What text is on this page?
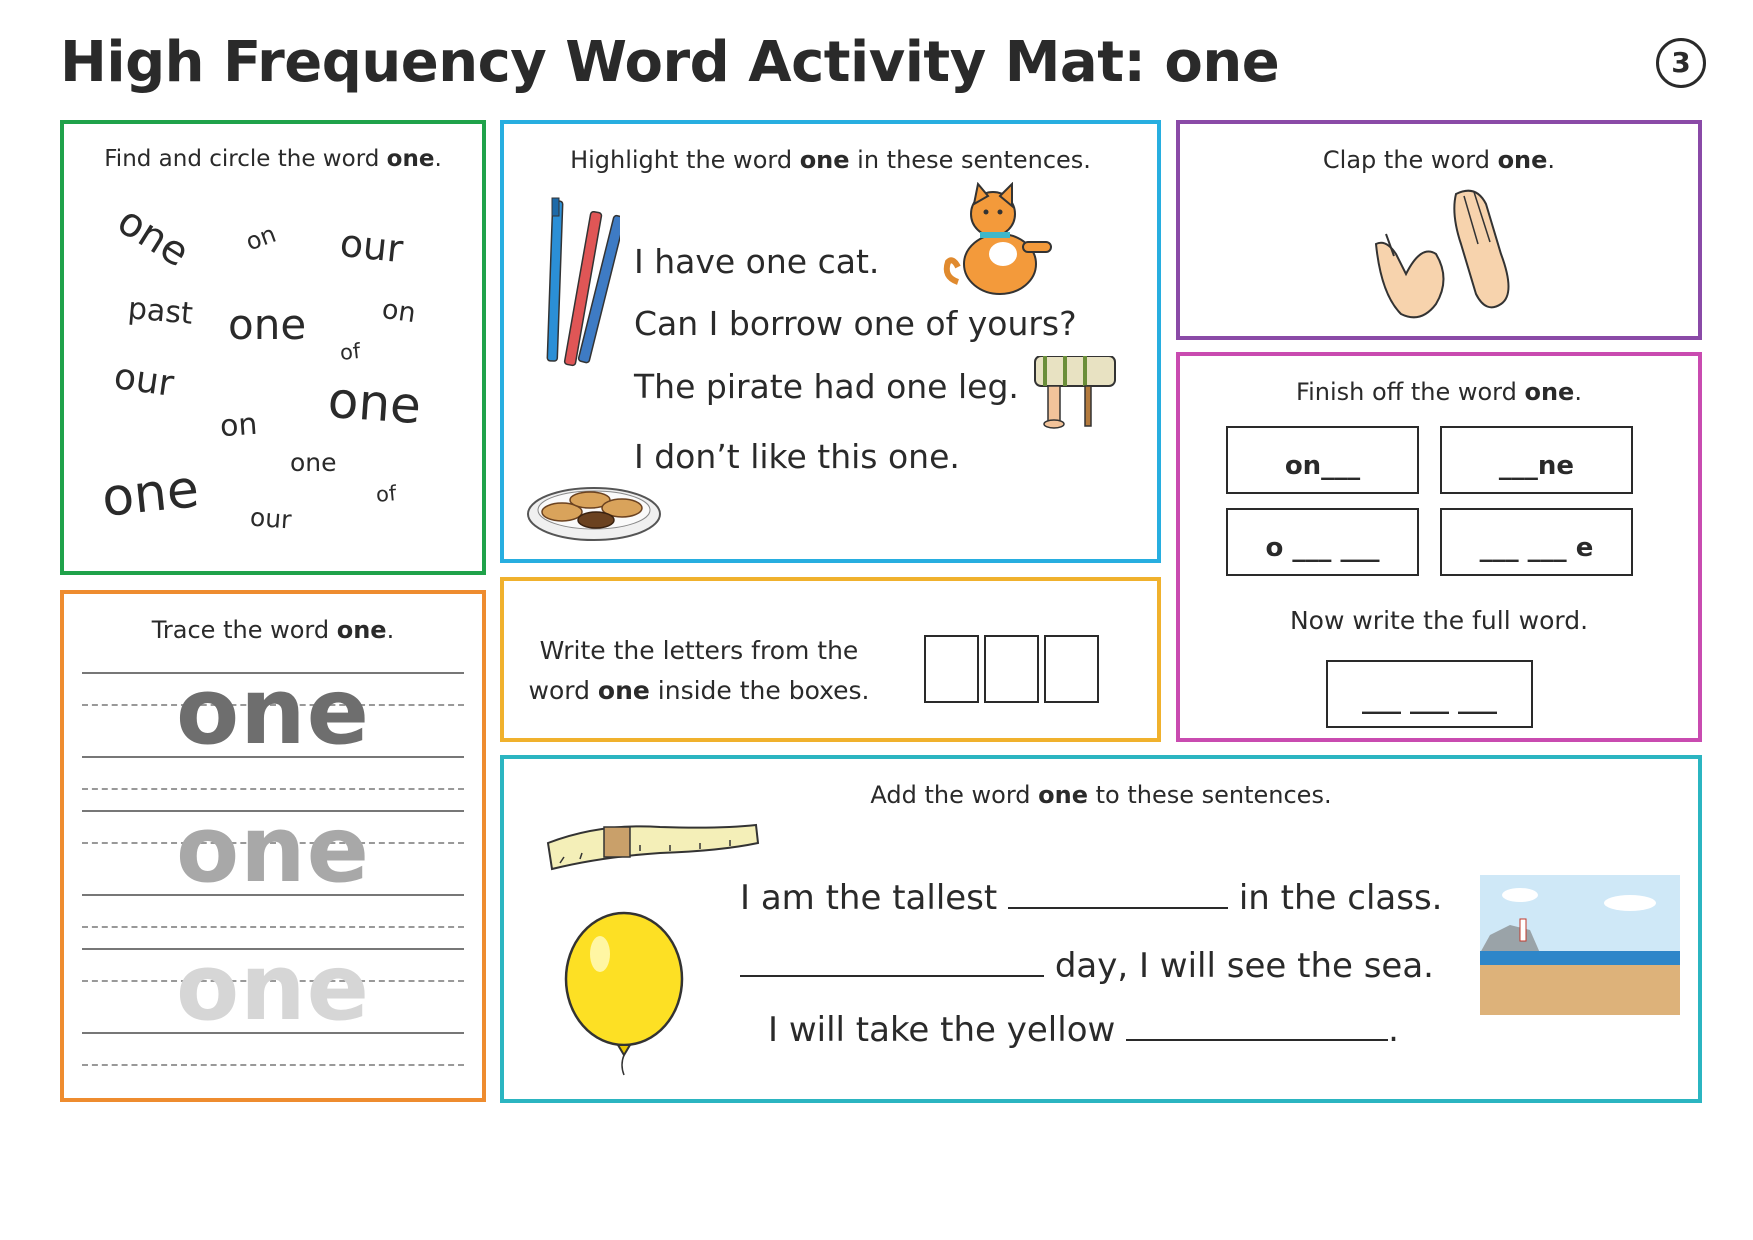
High Frequency Word Activity Mat: one	3
Find and circle the word one.
one on our
past one	on
of
our	one
on
one	one
of
our
Highlight the word one in these sentences.
I have one cat.
Can I borrow one of yours?
The pirate had one leg.
I don’t like this one.
Clap the word one.
Finish off the word one.
on___	___ne
o ___ ___	___ ___ e
Now write the full word.
___ ___ ___
Trace the word one.
one
one
one
Write the letters from the
word one inside the boxes.
Add the word one to these sentences.
I am the tallest	in the class.
day, I will see the sea.
I will take the yellow	.
